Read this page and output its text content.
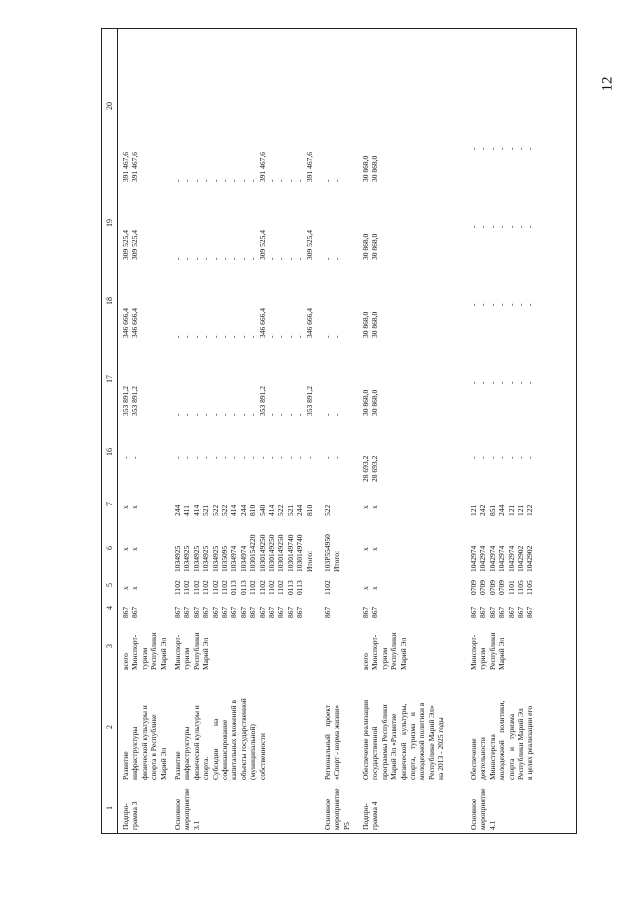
12
1
2
3
4
5
6
7
16
17
18
19
20
Подпро-
грамма 3
Развитие
инфраструктуры
физической культуры и
спорта в Республике
Марий Эл
всего
Минспорт-
туризм
Республики
Марий Эл
867
867
x
x
x
x
x
x
-
-
353 891,2
353 891,2
346 666,4
346 666,4
309 525,4
309 525,4
391 467,6
391 467,6
Основное
мероприятие
3.1
Развитие
инфраструктуры
физической культуры и
спорта.
Субсидии            на
софинансирование
капитальных вложений в
объекты государственной
(муниципальной)
собственности
Минспорт-
туризм
Республики
Марий Эл
867
867
867
867
867
867
867
867
867
867
867
867
867
867
1102
1102
1102
1102
1102
1102
0113
0113
1102
1102
1102
1102
0113
0113
1034925
1034925
1034925
1034925
1034925
1035095
1034974
1034974
1030154220
1030149250
1030149250
1030149250
1030149740
1030149740
Итого:
244
411
414
521
522
522
414
244
810
540
414
522
521
244
810
-
-
-
-
-
-
-
-
-
-
-
-
-
-
-
-
-
-
-
-
-
-
-
-
353 891,2
-
-
-
-
353 891,2
-
-
-
-
-
-
-
-
-
346 666,4
-
-
-
-
346 666,4
-
-
-
-
-
-
-
-
-
309 525,4
-
-
-
-
309 525,4
-
-
-
-
-
-
-
-
-
391 467,6
-
-
-
-
391 467,6
Основное
мероприятие
P5
Региональный    проект
«Спорт - норма жизни»
867
1102
103P554950
Итого:
522
-
-
-
-
-
-
-
-
-
-
Подпро-
грамма 4
Обеспечение реализации
государственной
программы Республики
Марий Эл «Развитие
физической    культуры,
спорта,    туризма    и
молодежной политики в
Республике Марий Эл»
на 2013 - 2025 годы
всего
Минспорт-
туризм
Республики
Марий Эл
867
867
x
x
x
x
x
x
28 693,2
28 693,2
30 868,0
30 868,0
30 868,0
30 868,0
30 868,0
30 868,0
30 868,0
30 868,0
Основное
мероприятие
4.1
Обеспечение
деятельности
Министерства
молодежной    политики,
спорта    и    туризма
Республики Марий Эл
в целях реализации его
Минспорт-
туризм
Республики
Марий Эл
867
867
867
867
867
867
867
0709
0709
0709
0709
1101
1105
1105
1042974
1042974
1042974
1042974
1042974
1042902
1042902
121
242
851
244
121
121
122
-
-
-
-
-
-
-
-
-
-
-
-
-
-
-
-
-
-
-
-
-
-
-
-
-
-
-
-
-
-
-
-
-
-
-
